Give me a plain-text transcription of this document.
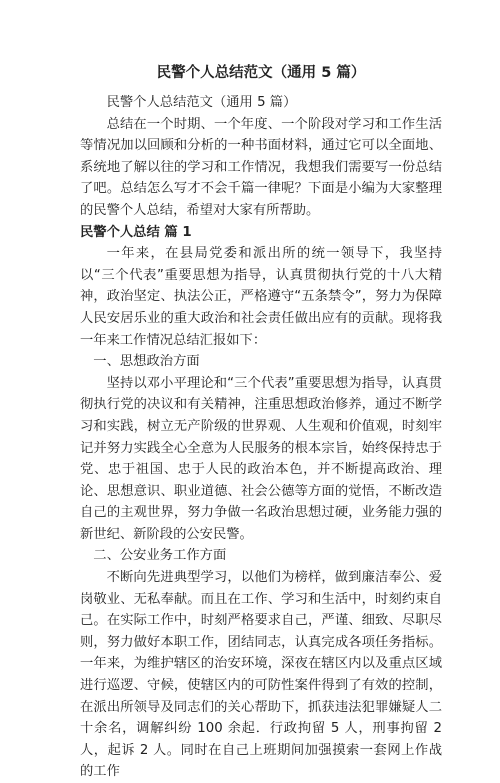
民警个人总结范文（通用 5 篇）

民警个人总结范文（通用 5 篇）

总结在一个时期、一个年度、一个阶段对学习和工作生活等情况加以回顾和分析的一种书面材料，通过它可以全面地、系统地了解以往的学习和工作情况，我想我们需要写一份总结了吧。总结怎么写才不会千篇一律呢？下面是小编为大家整理的民警个人总结，希望对大家有所帮助。

民警个人总结 篇 1

一年来，在县局党委和派出所的统一领导下，我坚持以“三个代表”重要思想为指导，认真贯彻执行党的十八大精神，政治坚定、执法公正，严格遵守“五条禁令”，努力为保障人民安居乐业的重大政治和社会责任做出应有的贡献。现将我一年来工作情况总结汇报如下：

一、思想政治方面

坚持以邓小平理论和“三个代表”重要思想为指导，认真贯彻执行党的决议和有关精神，注重思想政治修养，通过不断学习和实践，树立无产阶级的世界观、人生观和价值观，时刻牢记并努力实践全心全意为人民服务的根本宗旨，始终保持忠于党、忠于祖国、忠于人民的政治本色，并不断提高政治、理论、思想意识、职业道德、社会公德等方面的觉悟，不断改造自己的主观世界，努力争做一名政治思想过硬，业务能力强的新世纪、新阶段的公安民警。

二、公安业务工作方面

不断向先进典型学习，以他们为榜样，做到廉洁奉公、爱岗敬业、无私奉献。而且在工作、学习和生活中，时刻约束自己。在实际工作中，时刻严格要求自己，严谨、细致、尽职尽则，努力做好本职工作，团结同志，认真完成各项任务指标。一年来，为维护辖区的治安环境，深夜在辖区内以及重点区域进行巡逻、守候，使辖区内的可防性案件得到了有效的控制，在派出所领导及同志们的关心帮助下，抓获违法犯罪嫌疑人二十余名，调解纠纷 100 余起．行政拘留 5 人，刑事拘留 2 人，起诉 2 人。同时在自己上班期间加强摸索一套网上作战的工作
